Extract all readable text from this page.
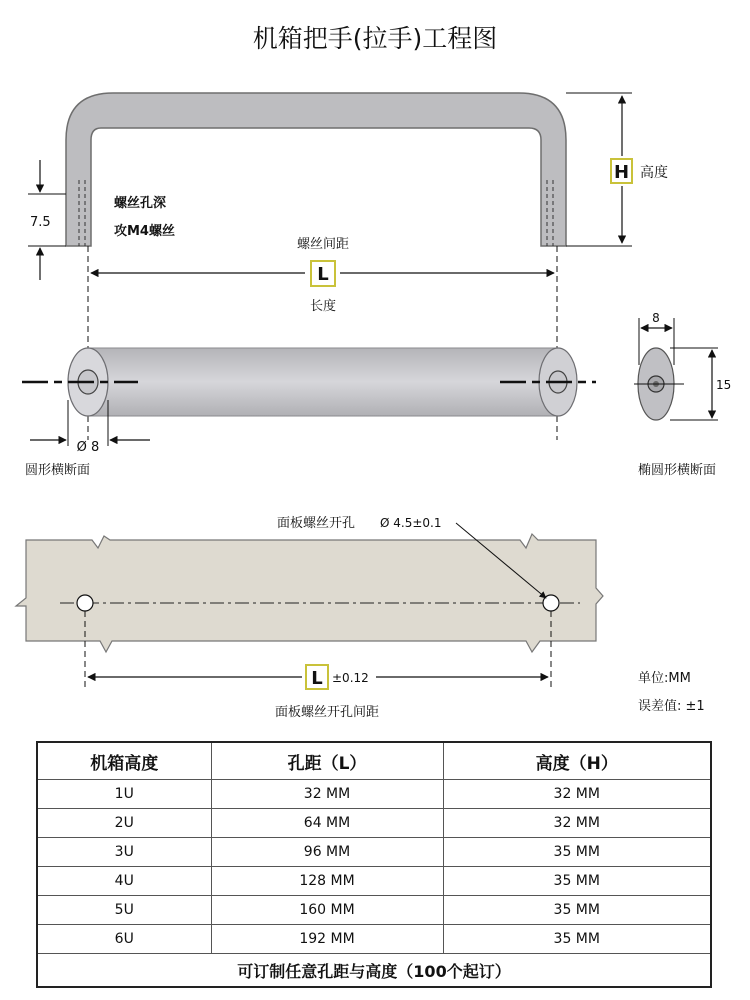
机箱把手(拉手)工程图
H 高度
7.5
螺丝孔深
攻M4螺丝
螺丝间距
L
长度
Ø 8
圆形横断面
8
15
椭圆形横断面
面板螺丝开孔 Ø 4.5±0.1
L ±0.12
面板螺丝开孔间距
单位:MM
误差值: ±1
机箱高度	孔距（L）	高度（H）
1U	32 MM	32 MM
2U	64 MM	32 MM
3U	96 MM	35 MM
4U	128 MM	35 MM
5U	160 MM	35 MM
6U	192 MM	35 MM
可订制任意孔距与高度（100个起订）		
